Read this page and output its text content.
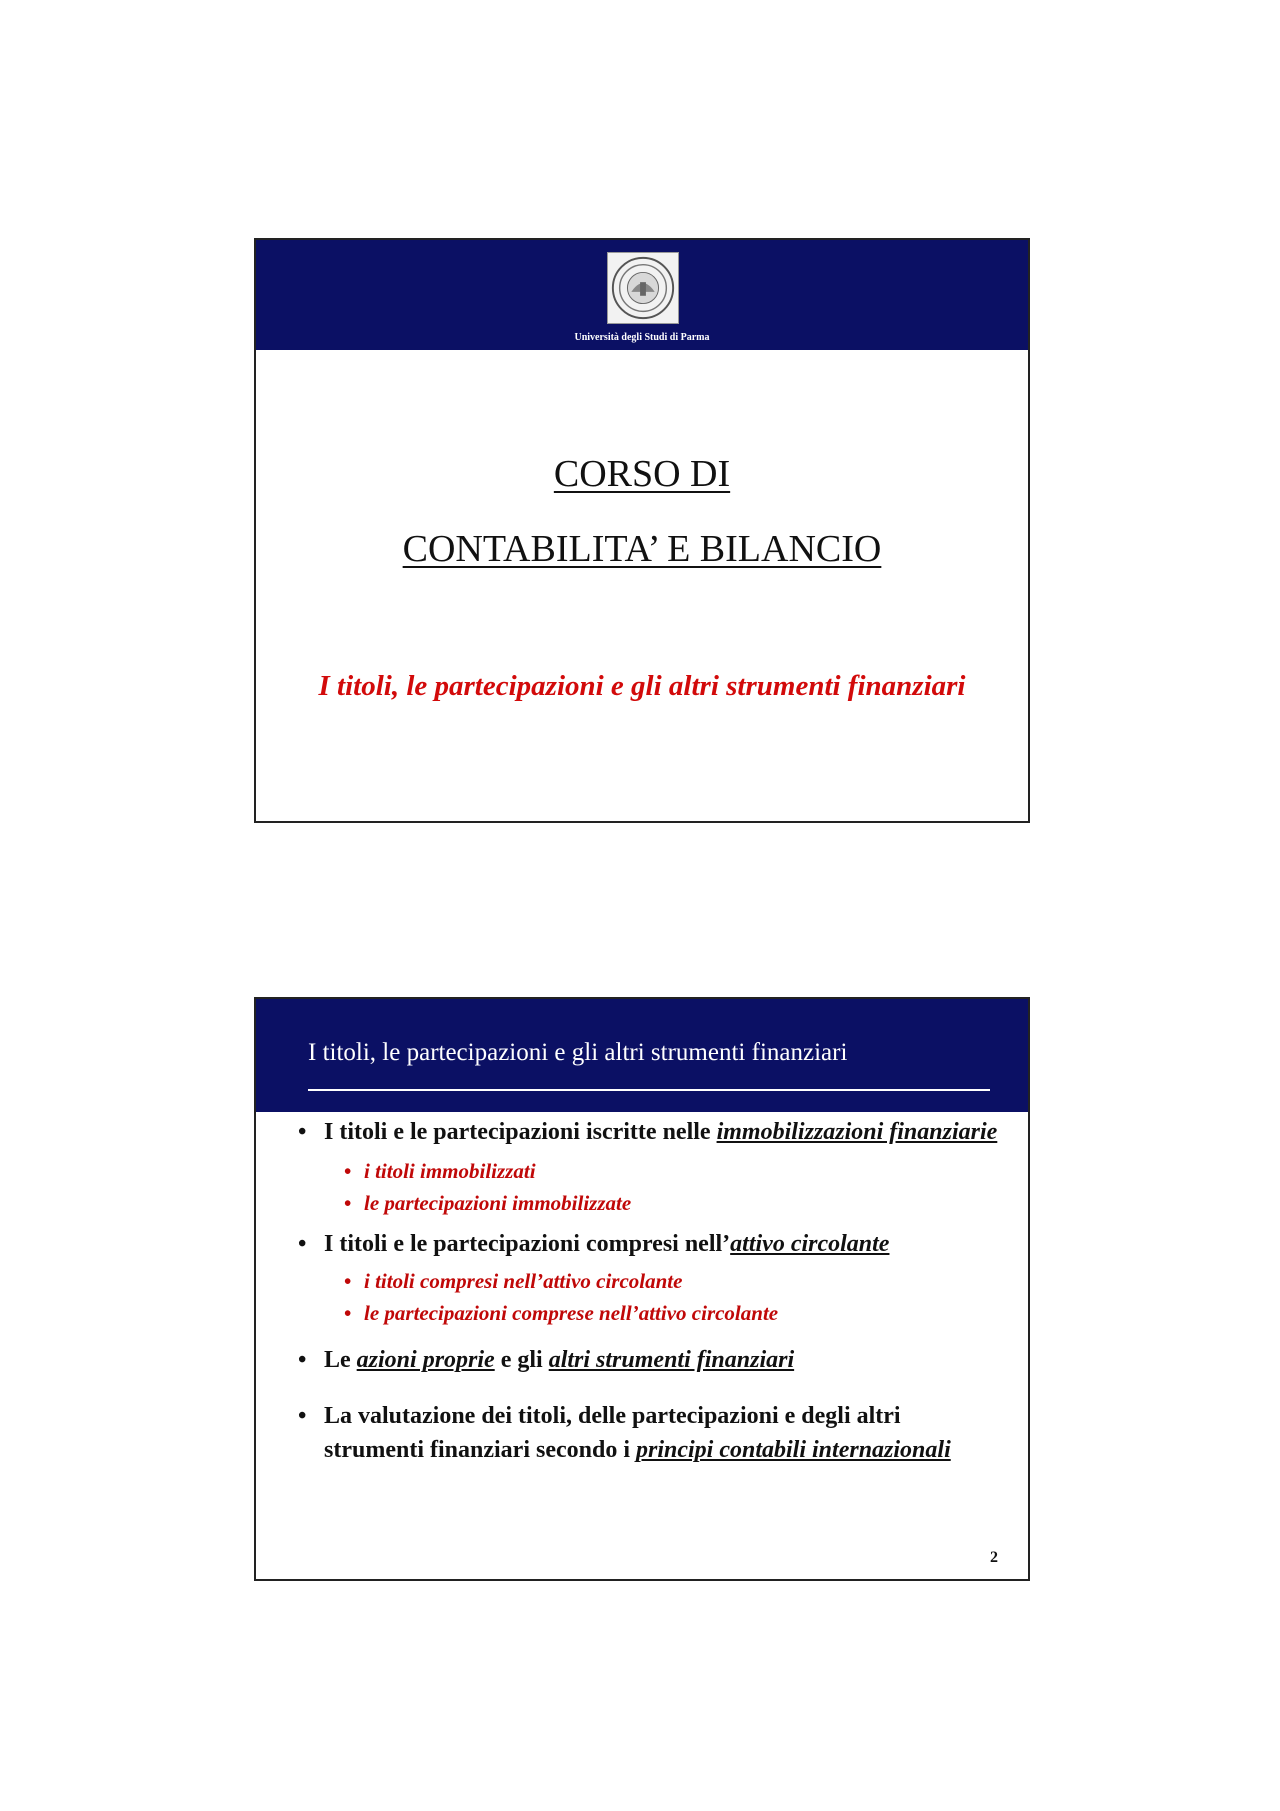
Università degli Studi di Parma
CORSO DI
CONTABILITA’ E BILANCIO
I titoli, le partecipazioni e gli altri strumenti finanziari
I titoli, le partecipazioni e gli altri strumenti finanziari
• I titoli e le partecipazioni iscritte nelle immobilizzazioni finanziarie
• i titoli immobilizzati
• le partecipazioni immobilizzate
• I titoli e le partecipazioni compresi nell’attivo circolante
• i titoli compresi nell’attivo circolante
• le partecipazioni comprese nell’attivo circolante
• Le azioni proprie e gli altri strumenti finanziari
• La valutazione dei titoli, delle partecipazioni e degli altri strumenti finanziari secondo i principi contabili internazionali
2
